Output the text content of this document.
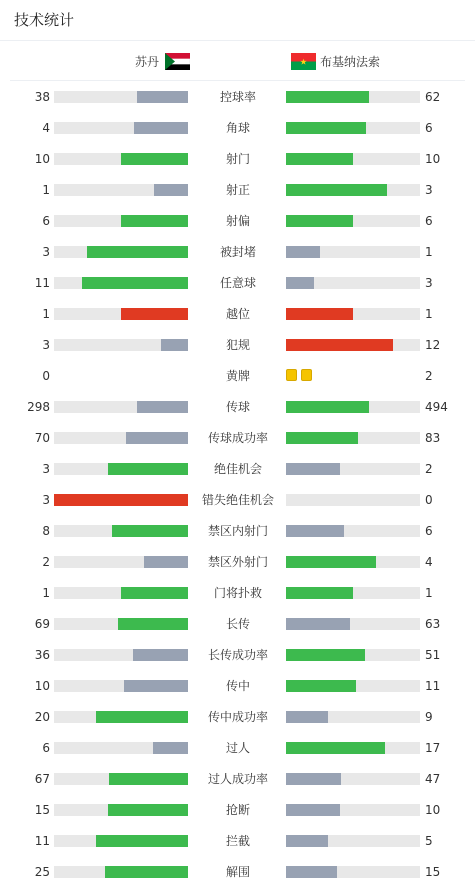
技术统计
苏丹	布基纳法索
38	控球率	62
4	角球	6
10	射门	10
1	射正	3
6	射偏	6
3	被封堵	1
11	任意球	3
1	越位	1
3	犯规	12
0	黄牌	2
298	传球	494
70	传球成功率	83
3	绝佳机会	2
3	错失绝佳机会	0
8	禁区内射门	6
2	禁区外射门	4
1	门将扑救	1
69	长传	63
36	长传成功率	51
10	传中	11
20	传中成功率	9
6	过人	17
67	过人成功率	47
15	抢断	10
11	拦截	5
25	解围	15
